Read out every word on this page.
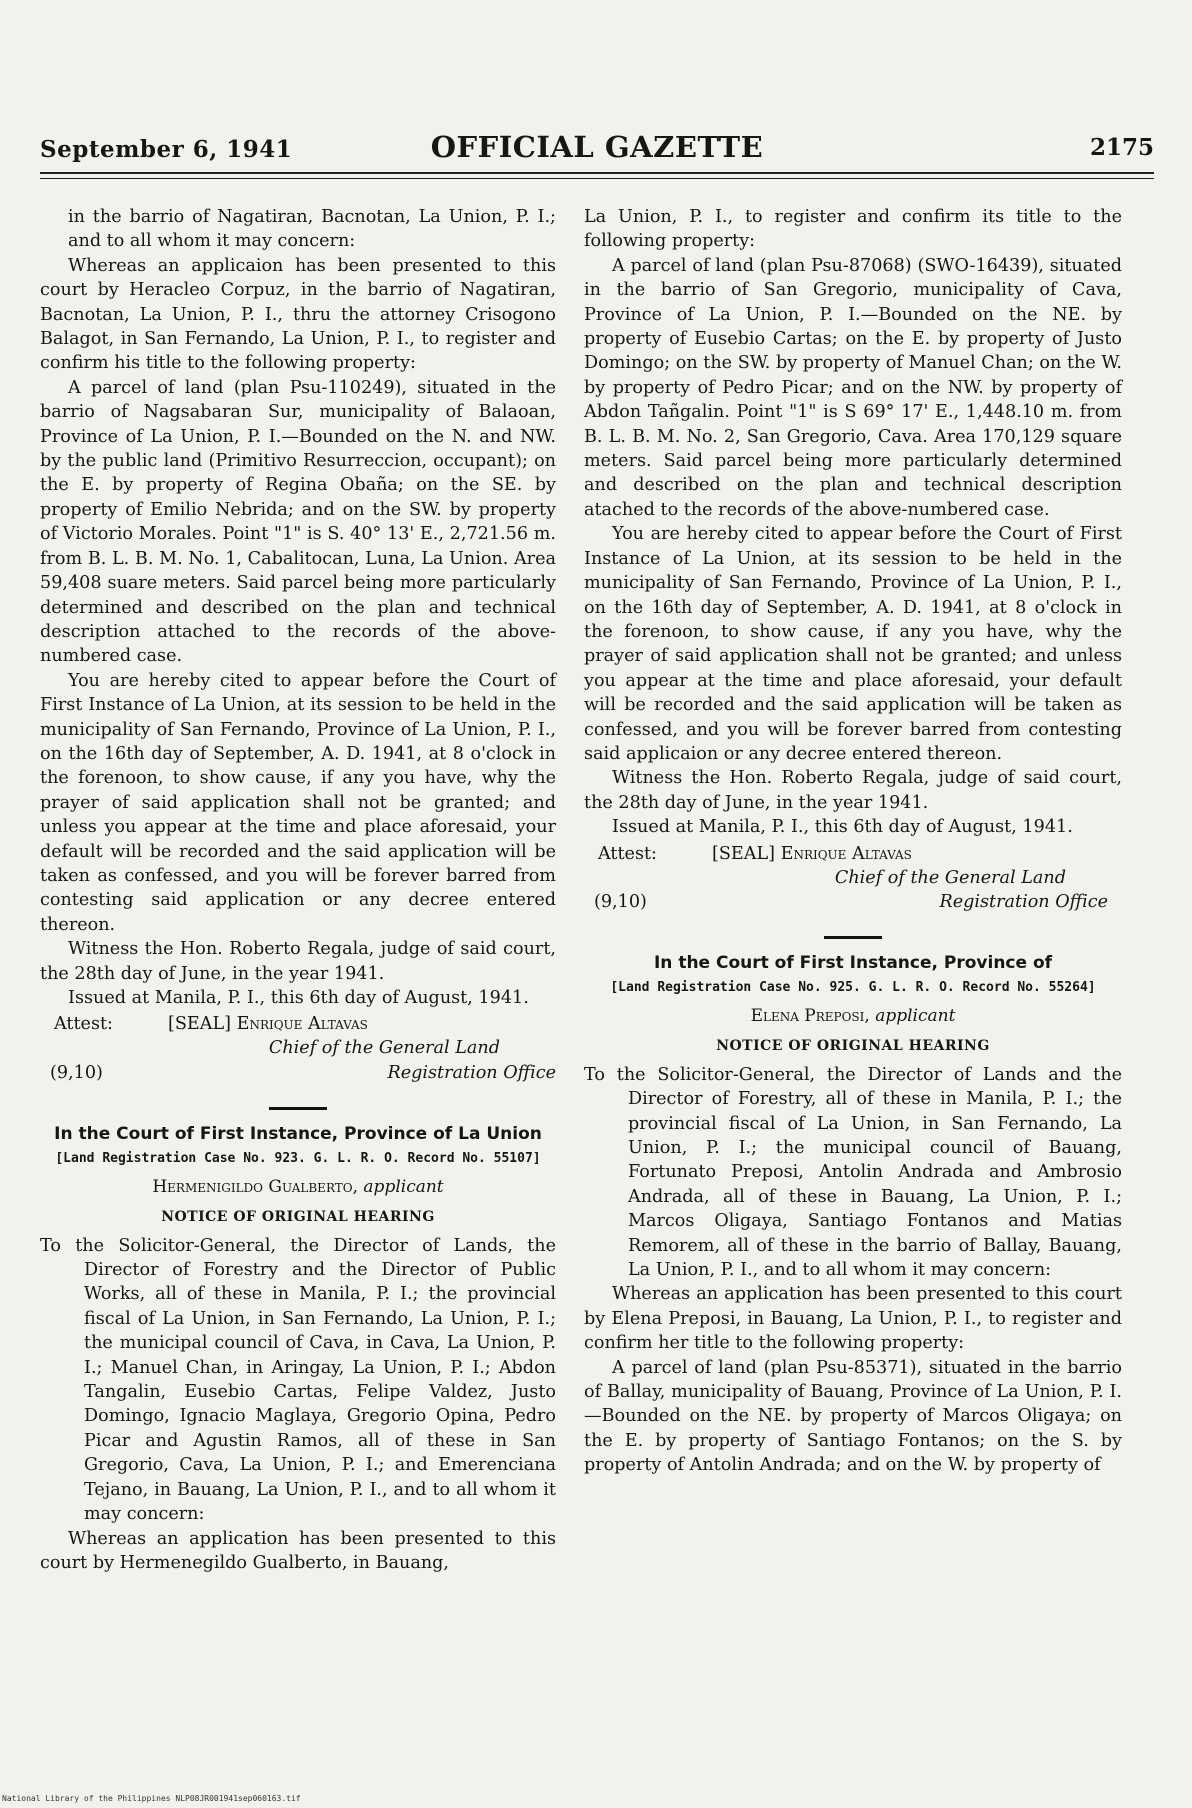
September 6, 1941	OFFICIAL GAZETTE	2175

in the barrio of Nagatiran, Bacnotan, La Union, P. I.; and to all whom it may concern:

Whereas an applicaion has been presented to this court by Heracleo Corpuz, in the barrio of Nagatiran, Bacnotan, La Union, P. I., thru the attorney Crisogono Balagot, in San Fernando, La Union, P. I., to register and confirm his title to the following property:

A parcel of land (plan Psu-110249), situated in the barrio of Nagsabaran Sur, municipality of Balaoan, Province of La Union, P. I.—Bounded on the N. and NW. by the public land (Primitivo Resurreccion, occupant); on the E. by property of Regina Obaña; on the SE. by property of Emilio Nebrida; and on the SW. by property of Victorio Morales. Point "1" is S. 40° 13' E., 2,721.56 m. from B. L. B. M. No. 1, Cabalitocan, Luna, La Union. Area 59,408 suare meters. Said parcel being more particularly determined and described on the plan and technical description attached to the records of the above-numbered case.

You are hereby cited to appear before the Court of First Instance of La Union, at its session to be held in the municipality of San Fernando, Province of La Union, P. I., on the 16th day of September, A. D. 1941, at 8 o'clock in the forenoon, to show cause, if any you have, why the prayer of said application shall not be granted; and unless you appear at the time and place aforesaid, your default will be recorded and the said application will be taken as confessed, and you will be forever barred from contesting said application or any decree entered thereon.

Witness the Hon. Roberto Regala, judge of said court, the 28th day of June, in the year 1941.

Issued at Manila, P. I., this 6th day of August, 1941.

Attest:	[SEAL] Enrique Altavas

Chief of the General Land

(9,10)	Registration Office

In the Court of First Instance, Province of La Union

[Land Registration Case No. 923. G. L. R. O. Record No. 55107]

Hermenigildo Gualberto, applicant

NOTICE OF ORIGINAL HEARING

To the Solicitor-General, the Director of Lands, the Director of Forestry and the Director of Public Works, all of these in Manila, P. I.; the provincial fiscal of La Union, in San Fernando, La Union, P. I.; the municipal council of Cava, in Cava, La Union, P. I.; Manuel Chan, in Aringay, La Union, P. I.; Abdon Tangalin, Eusebio Cartas, Felipe Valdez, Justo Domingo, Ignacio Maglaya, Gregorio Opina, Pedro Picar and Agustin Ramos, all of these in San Gregorio, Cava, La Union, P. I.; and Emerenciana Tejano, in Bauang, La Union, P. I., and to all whom it may concern:

Whereas an application has been presented to this court by Hermenegildo Gualberto, in Bauang,

La Union, P. I., to register and confirm its title to the following property:

A parcel of land (plan Psu-87068) (SWO-16439), situated in the barrio of San Gregorio, municipality of Cava, Province of La Union, P. I.—Bounded on the NE. by property of Eusebio Cartas; on the E. by property of Justo Domingo; on the SW. by property of Manuel Chan; on the W. by property of Pedro Picar; and on the NW. by property of Abdon Tañgalin. Point "1" is S 69° 17' E., 1,448.10 m. from B. L. B. M. No. 2, San Gregorio, Cava. Area 170,129 square meters. Said parcel being more particularly determined and described on the plan and technical description atached to the records of the above-numbered case.

You are hereby cited to appear before the Court of First Instance of La Union, at its session to be held in the municipality of San Fernando, Province of La Union, P. I., on the 16th day of September, A. D. 1941, at 8 o'clock in the forenoon, to show cause, if any you have, why the prayer of said application shall not be granted; and unless you appear at the time and place aforesaid, your default will be recorded and the said application will be taken as confessed, and you will be forever barred from contesting said applicaion or any decree entered thereon.

Witness the Hon. Roberto Regala, judge of said court, the 28th day of June, in the year 1941.

Issued at Manila, P. I., this 6th day of August, 1941.

Attest:	[SEAL] Enrique Altavas

Chief of the General Land

(9,10)	Registration Office

In the Court of First Instance, Province of

[Land Registration Case No. 925. G. L. R. O. Record No. 55264]

Elena Preposi, applicant

NOTICE OF ORIGINAL HEARING

To the Solicitor-General, the Director of Lands and the Director of Forestry, all of these in Manila, P. I.; the provincial fiscal of La Union, in San Fernando, La Union, P. I.; the municipal council of Bauang, Fortunato Preposi, Antolin Andrada and Ambrosio Andrada, all of these in Bauang, La Union, P. I.; Marcos Oligaya, Santiago Fontanos and Matias Remorem, all of these in the barrio of Ballay, Bauang, La Union, P. I., and to all whom it may concern:

Whereas an application has been presented to this court by Elena Preposi, in Bauang, La Union, P. I., to register and confirm her title to the following property:

A parcel of land (plan Psu-85371), situated in the barrio of Ballay, municipality of Bauang, Province of La Union, P. I.—Bounded on the NE. by property of Marcos Oligaya; on the E. by property of Santiago Fontanos; on the S. by property of Antolin Andrada; and on the W. by property of

National Library of the Philippines NLP08JR001941sep060163.tif
